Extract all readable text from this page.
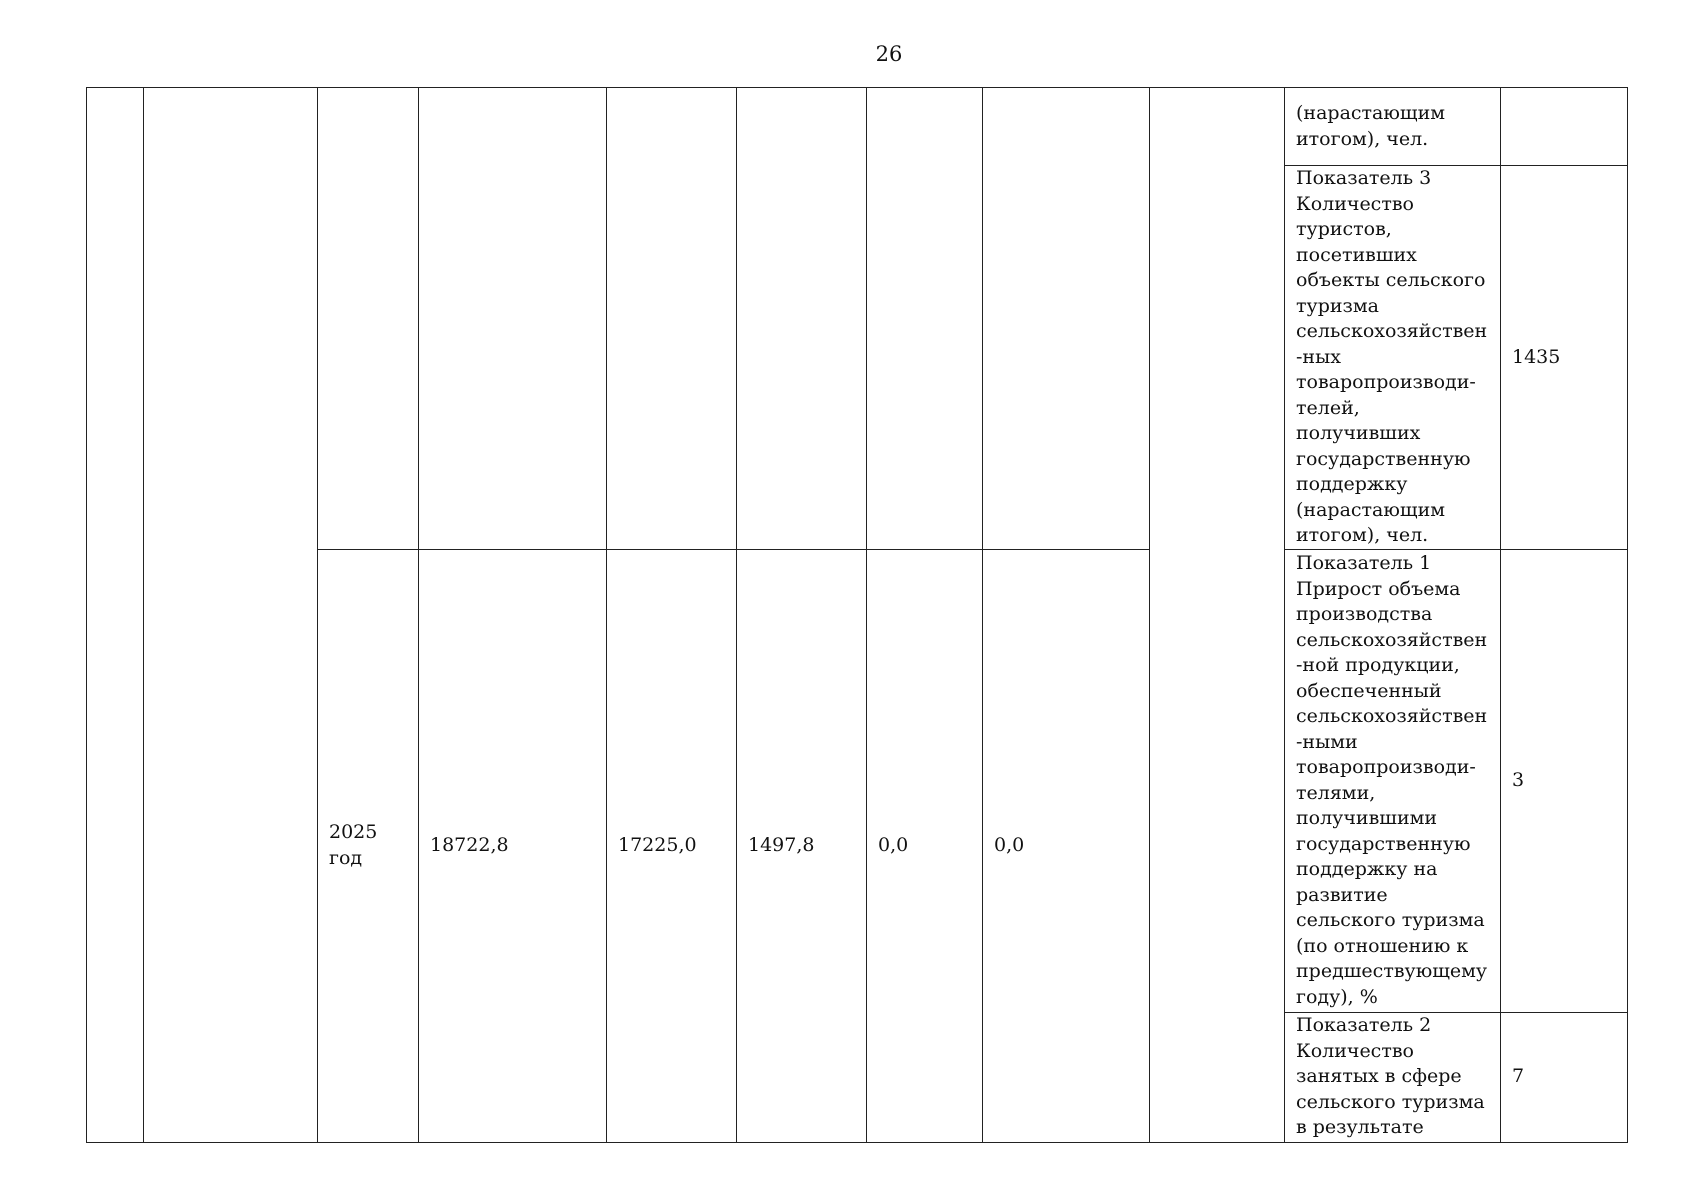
26
									(нарастающим итогом), чел.	
									Показатель 3 Количество туристов, посетивших объекты сельского туризма сельскохозяйствен-ных товаропроизводи-телей, получивших государственную поддержку (нарастающим итогом), чел.	1435
		2025 год	18722,8	17225,0	1497,8	0,0	0,0		Показатель 1 Прирост объема производства сельскохозяйствен-ной продукции, обеспеченный сельскохозяйствен-ными товаропроизводи-телями, получившими государственную поддержку на развитие сельского туризма (по отношению к предшествующему году), %	3
									Показатель 2 Количество занятых в сфере сельского туризма в результате	7
